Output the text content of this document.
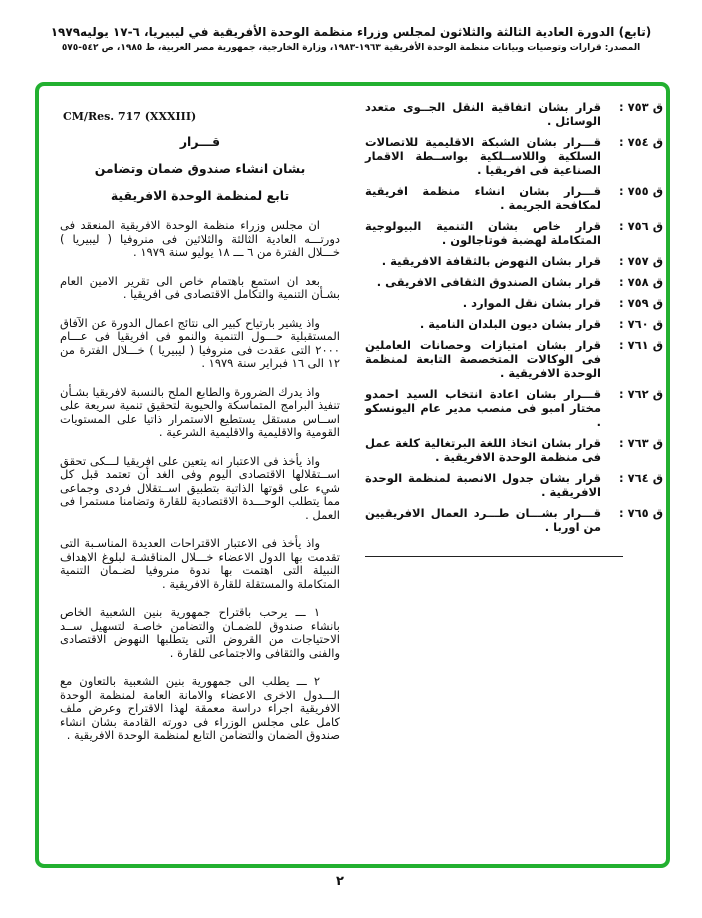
(تابع) الدورة العادية الثالثة والثلاثون لمجلس وزراء منظمة الوحدة الأفريقية في ليبيريا، ٦-١٧ يوليه١٩٧٩
المصدر: قرارات وتوصيات وبيانات منظمة الوحدة الأفريقية ١٩٦٣-١٩٨٣، وزارة الخارجية، جمهورية مصر العربية، ط ١٩٨٥، ص ٥٤٢-٥٧٥
ق ٧٥٣ :
قرار بشان اتفاقية النقل الجــوى متعدد الوسائل .
ق ٧٥٤ :
قـــرار بشان الشبكة الاقليمية للاتصالات السلكية واللاســلكية بواســطة الاقمار الصناعية فى افريقيا .
ق ٧٥٥ :
قـــرار بشان انشاء منظمة افريقية لمكافحة الجريمة .
ق ٧٥٦ :
قرار خاص بشان التنمية البيولوجية المتكاملة لهضبة فوتاجالون .
ق ٧٥٧ :
قرار بشان النهوض بالثقافة الافريقية .
ق ٧٥٨ :
قرار بشان الصندوق الثقافى الافريقى .
ق ٧٥٩ :
قرار بشان نقل الموارد .
ق ٧٦٠ :
قرار بشان ديون البلدان النامية .
ق ٧٦١ :
قرار بشان امتيازات وحصانات العاملين فى الوكالات المتخصصة التابعة لمنظمة الوحدة الافريقية .
ق ٧٦٢ :
قـــرار بشان اعادة انتخاب السيد احمدو مختار امبو فى منصب مدير عام اليونسكو .
ق ٧٦٣ :
قرار بشان اتخاذ اللغة البرتغالية كلغة عمل فى منظمة الوحدة الافريقية .
ق ٧٦٤ :
قرار بشان جدول الانصبة لمنظمة الوحدة الافريقية .
ق ٧٦٥ :
قـــرار بشـــان طـــرد العمال الافريقيين من اوربا .
CM/Res. 717 (XXXIII)
قـــرار
بشان انشاء صندوق ضمان وتضامن
تابع لمنظمة الوحدة الافريقية
ان مجلس وزراء منظمة الوحدة الافريقية المنعقد فى دورتـــه العادية الثالثة والثلاثين فى منروفيا ( ليبيريا ) خـــلال الفترة من ٦ ـــ ١٨ يوليو سنة ١٩٧٩ .
بعد ان استمع باهتمام خاص الى تقرير الامين العام بشـأن التنمية والتكامل الاقتصادى فى افريقيا .
واذ يشير بارتياح كبير الى نتائج اعمال الدورة عن الآفاق المستقبلية حـــول التنمية والنمو فى افريقيا فى عـــام ٢٠٠٠ التى عقدت فى منروفيا ( ليبيريا ) خـــلال الفترة من ١٢ الى ١٦ فبراير سنة ١٩٧٩ .
واذ يدرك الضرورة والطابع الملح بالنسبة لافريقيا بشـأن تنفيذ البرامج المتماسكة والحيوية لتحقيق تنمية سريعة على اســاس مستقل يستطيع الاستمرار ذاتيا على المستويات القومية والاقليمية والاقليمية الشرعية .
واذ يأخذ فى الاعتبار انه يتعين على افريقيا لـــكى تحقق اســتقلالها الاقتصادى اليوم وفى الغد أن تعتمد قبل كل شيء على قوتها الذاتية بتطبيق اســتقلال فردى وجماعى مما يتطلب الوحـــدة الاقتصادية للقارة وتضامنا مستمرا فى العمل .
واذ يأخذ فى الاعتبار الاقتراحات العديدة المناسـبة التى تقدمت بها الدول الاعضاء خـــلال المناقشـة لبلوغ الاهداف النبيلة التى اهتمت بها ندوة منروفيا لضـمان التنمية المتكاملة والمستقلة للقارة الافريقية .
١ ـــ يرحب باقتراح جمهورية بنين الشعبية الخاص بانشاء صندوق للضمـان والتضامن خاصـة لتسهيل ســد الاحتياجات من القروض التى يتطلبها النهوض الاقتصادى والفنى والثقافى والاجتماعى للقارة .
٢ ـــ يطلب الى جمهورية بنين الشعبية بالتعاون مع الـــدول الاخرى الاعضاء والامانة العامة لمنظمة الوحدة الافريقية اجراء دراسة معمقة لهذا الاقتراح وعرض ملف كامل على مجلس الوزراء فى دورته القادمة بشان انشاء صندوق الضمان والتضامن التابع لمنظمة الوحدة الافريقية .
٢
